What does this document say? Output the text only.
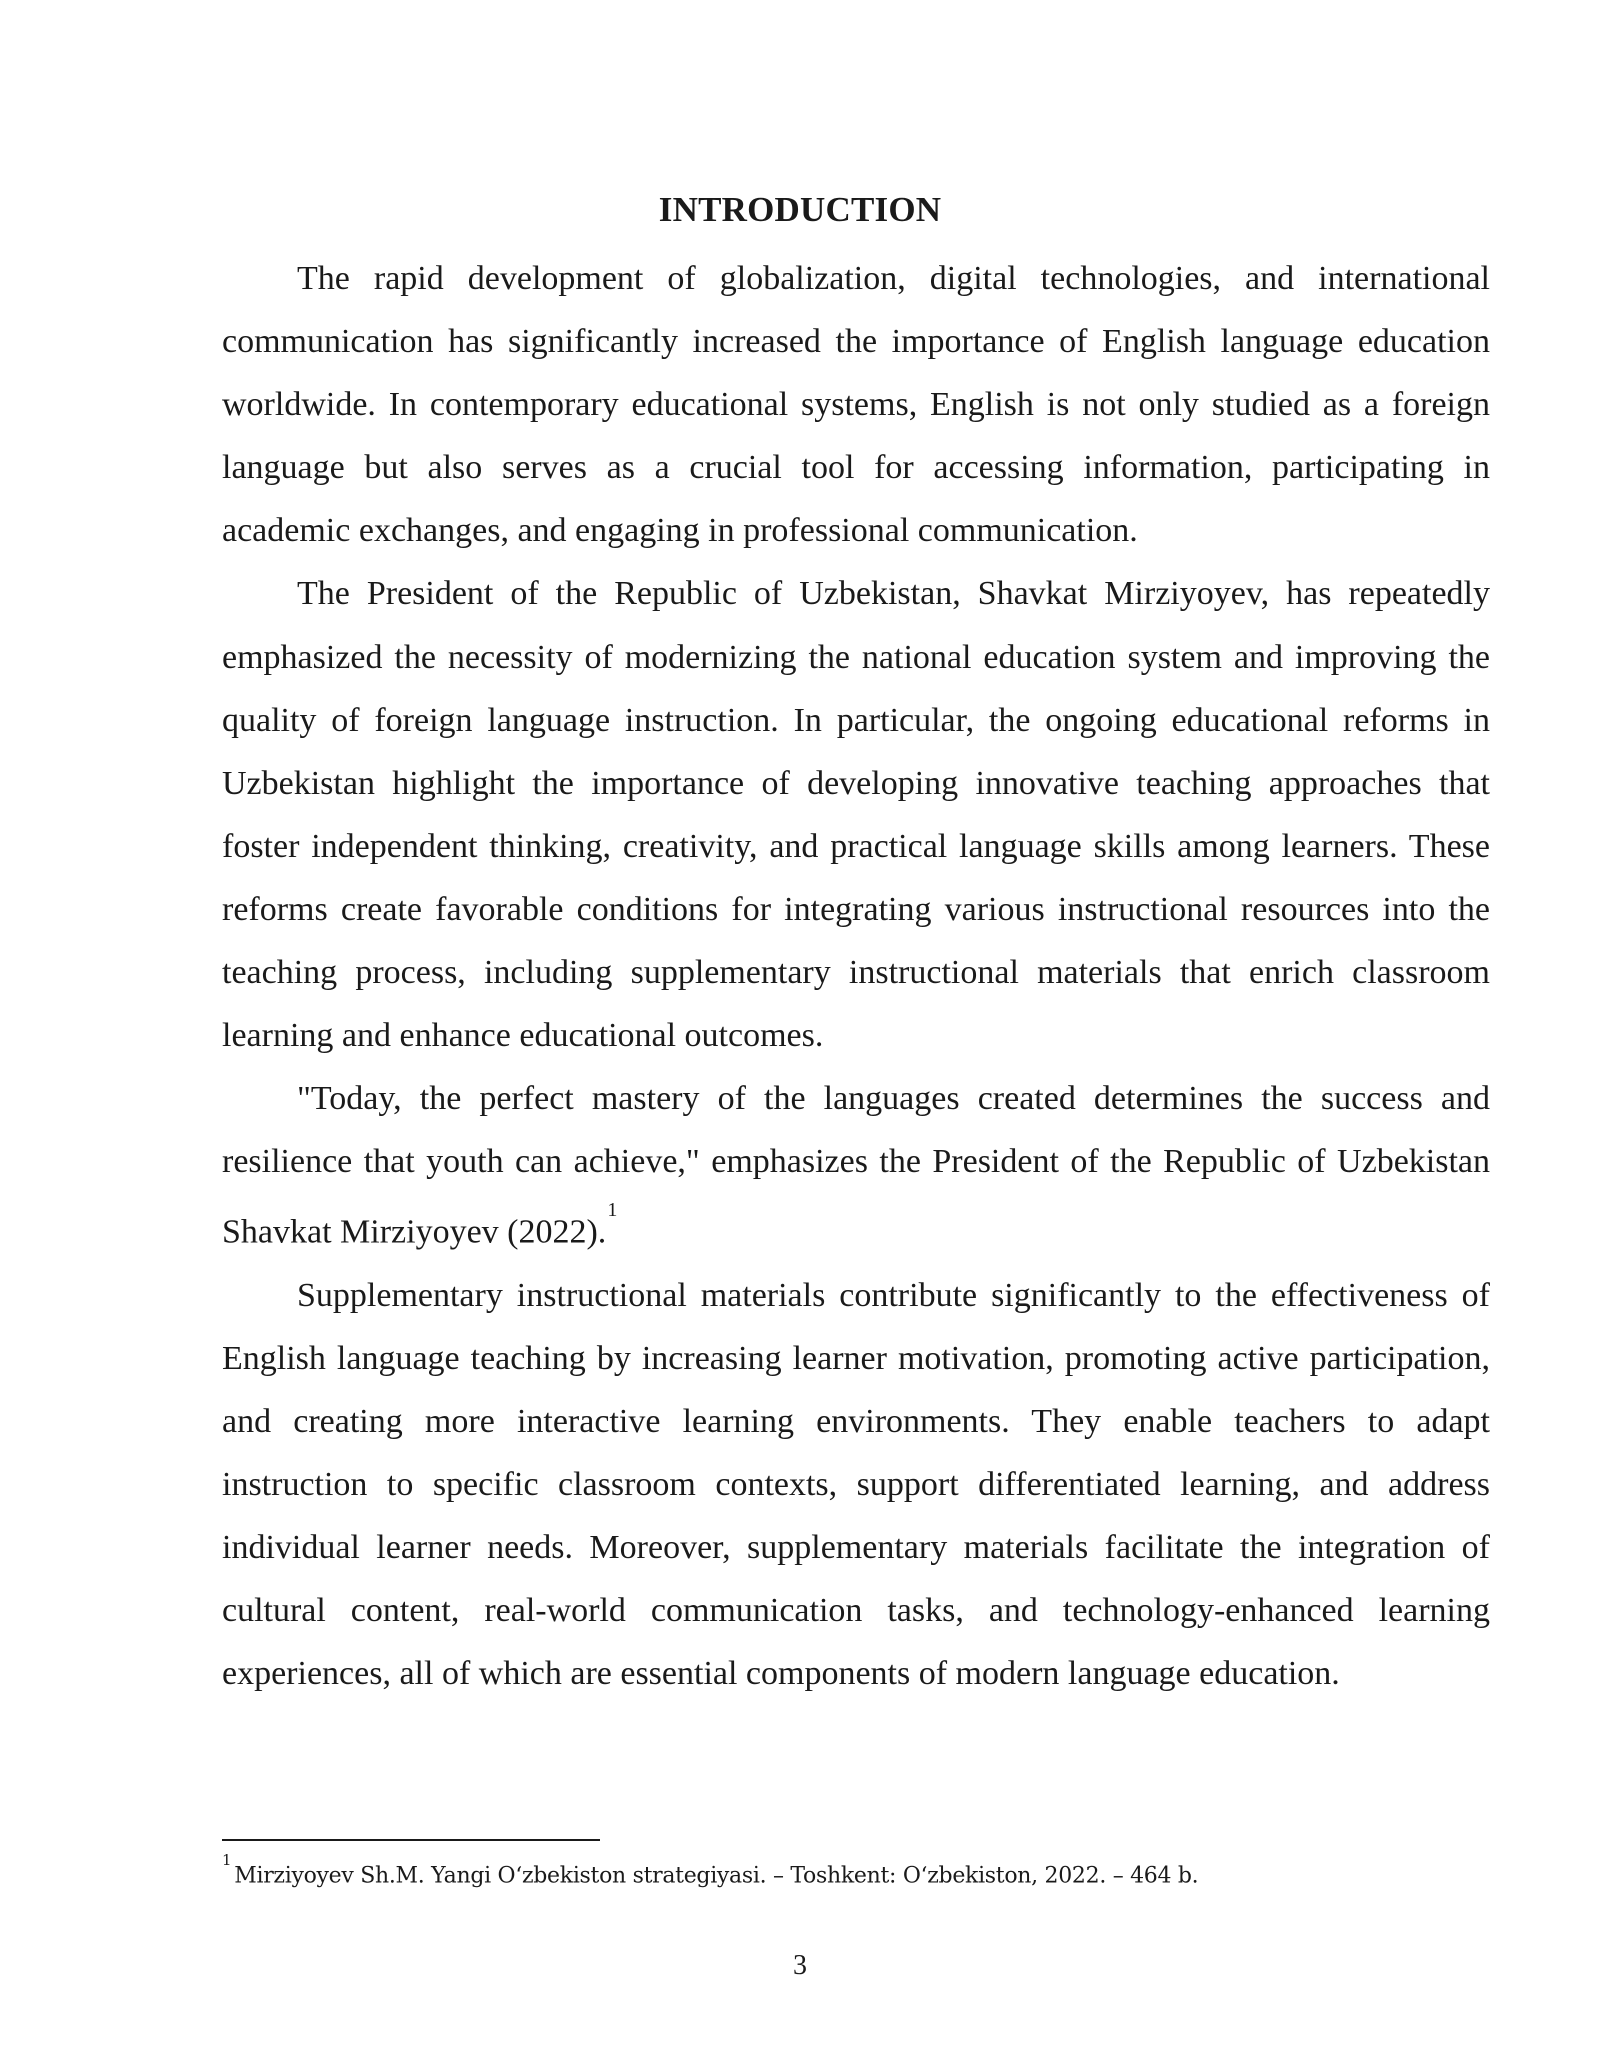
INTRODUCTION

The rapid development of globalization, digital technologies, and international communication has significantly increased the importance of English language education worldwide. In contemporary educational systems, English is not only studied as a foreign language but also serves as a crucial tool for accessing information, participating in academic exchanges, and engaging in professional communication.

The President of the Republic of Uzbekistan, Shavkat Mirziyoyev, has repeatedly emphasized the necessity of modernizing the national education system and improving the quality of foreign language instruction. In particular, the ongoing educational reforms in Uzbekistan highlight the importance of developing innovative teaching approaches that foster independent thinking, creativity, and practical language skills among learners. These reforms create favorable conditions for integrating various instructional resources into the teaching process, including supplementary instructional materials that enrich classroom learning and enhance educational outcomes.

"Today, the perfect mastery of the languages created determines the success and resilience that youth can achieve," emphasizes the President of the Republic of Uzbekistan Shavkat Mirziyoyev (2022).$^1$

Supplementary instructional materials contribute significantly to the effectiveness of English language teaching by increasing learner motivation, promoting active participation, and creating more interactive learning environments. They enable teachers to adapt instruction to specific classroom contexts, support differentiated learning, and address individual learner needs. Moreover, supplementary materials facilitate the integration of cultural content, real-world communication tasks, and technology-enhanced learning experiences, all of which are essential components of modern language education.

$^1$Mirziyoyev Sh.M. Yangi O‘zbekiston strategiyasi. – Toshkent: O‘zbekiston, 2022. – 464 b.
3
